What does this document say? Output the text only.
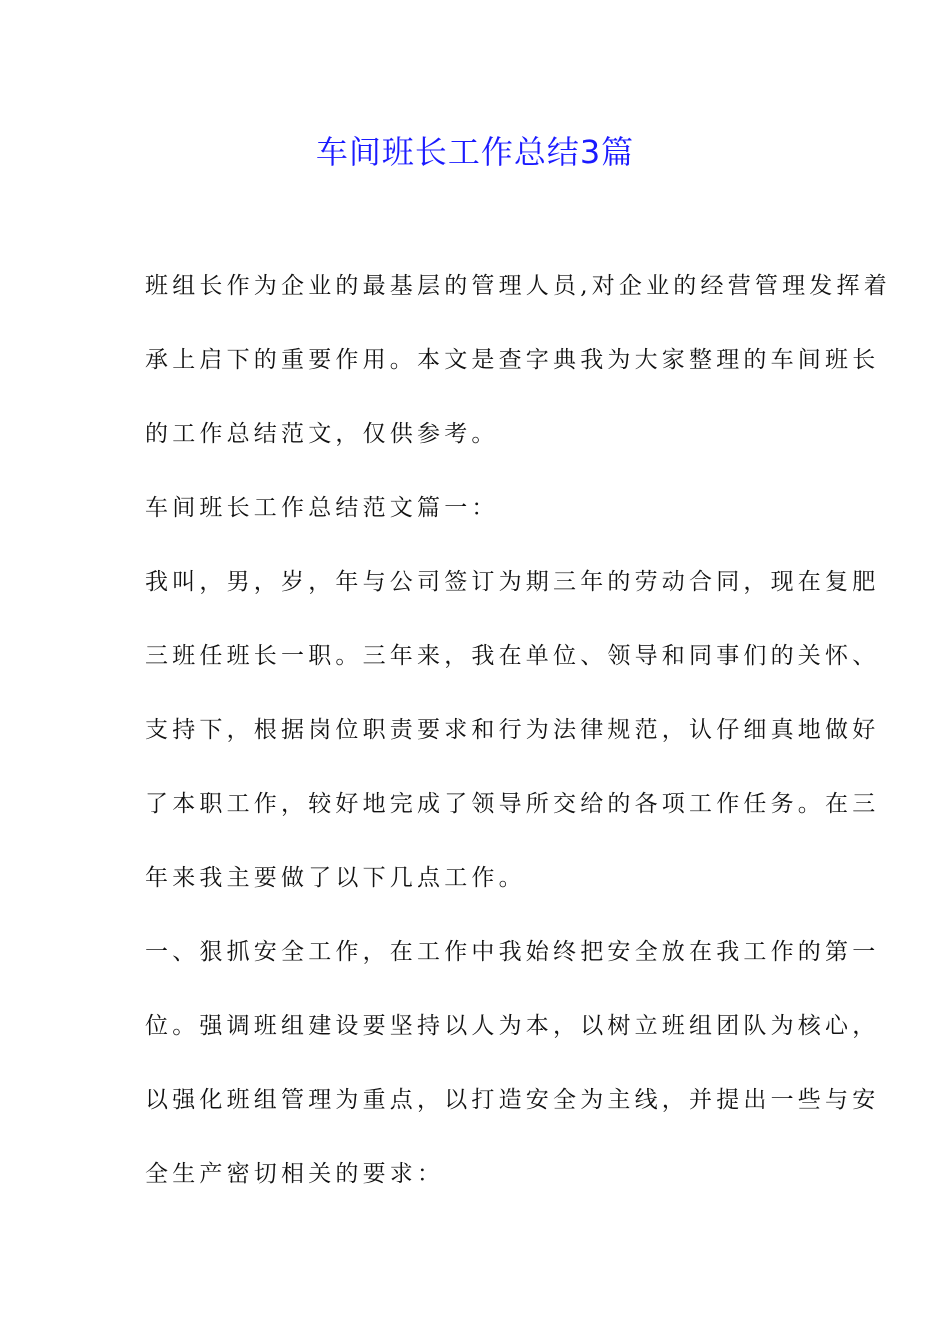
车间班长工作总结3篇
班组长作为企业的最基层的管理人员,对企业的经营管理发挥着
承上启下的重要作用。本文是查字典我为大家整理的车间班长
的工作总结范文，仅供参考。
车间班长工作总结范文篇一：
我叫，男，岁，年与公司签订为期三年的劳动合同，现在复肥
三班任班长一职。三年来，我在单位、领导和同事们的关怀、
支持下，根据岗位职责要求和行为法律规范，认仔细真地做好
了本职工作，较好地完成了领导所交给的各项工作任务。在三
年来我主要做了以下几点工作。
一、狠抓安全工作，在工作中我始终把安全放在我工作的第一
位。强调班组建设要坚持以人为本，以树立班组团队为核心，
以强化班组管理为重点，以打造安全为主线，并提出一些与安
全生产密切相关的要求：
